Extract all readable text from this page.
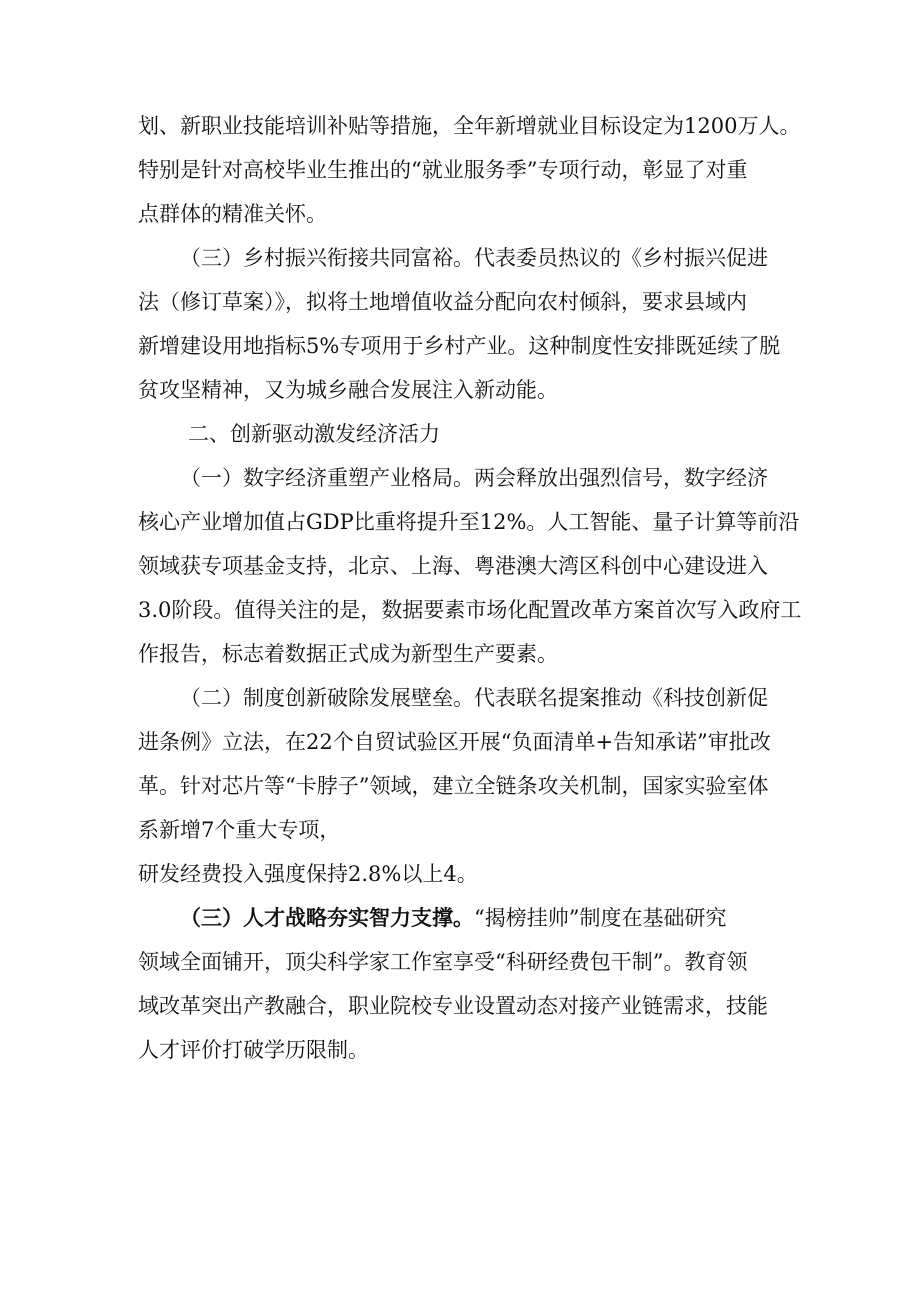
划、新职业技能培训补贴等措施，全年新增就业目标设定为1200万人。
特别是针对高校毕业生推出的“就业服务季”专项行动，彰显了对重
点群体的精准关怀。

（三）乡村振兴衔接共同富裕。代表委员热议的《乡村振兴促进
法（修订草案）》，拟将土地增值收益分配向农村倾斜，要求县域内
新增建设用地指标5%专项用于乡村产业。这种制度性安排既延续了脱
贫攻坚精神，又为城乡融合发展注入新动能。

二、创新驱动激发经济活力

（一）数字经济重塑产业格局。两会释放出强烈信号，数字经济
核心产业增加值占GDP比重将提升至12%。人工智能、量子计算等前沿
领域获专项基金支持，北京、上海、粤港澳大湾区科创中心建设进入
3.0阶段。值得关注的是，数据要素市场化配置改革方案首次写入政府工
作报告，标志着数据正式成为新型生产要素。

（二）制度创新破除发展壁垒。代表联名提案推动《科技创新促
进条例》立法，在22个自贸试验区开展“负面清单+告知承诺”审批改
革。针对芯片等“卡脖子”领域，建立全链条攻关机制，国家实验室体
系新增7个重大专项，
研发经费投入强度保持2.8%以上4。

（三）人才战略夯实智力支撑。“揭榜挂帅”制度在基础研究
领域全面铺开，顶尖科学家工作室享受“科研经费包干制”。教育领
域改革突出产教融合，职业院校专业设置动态对接产业链需求，技能
人才评价打破学历限制。
